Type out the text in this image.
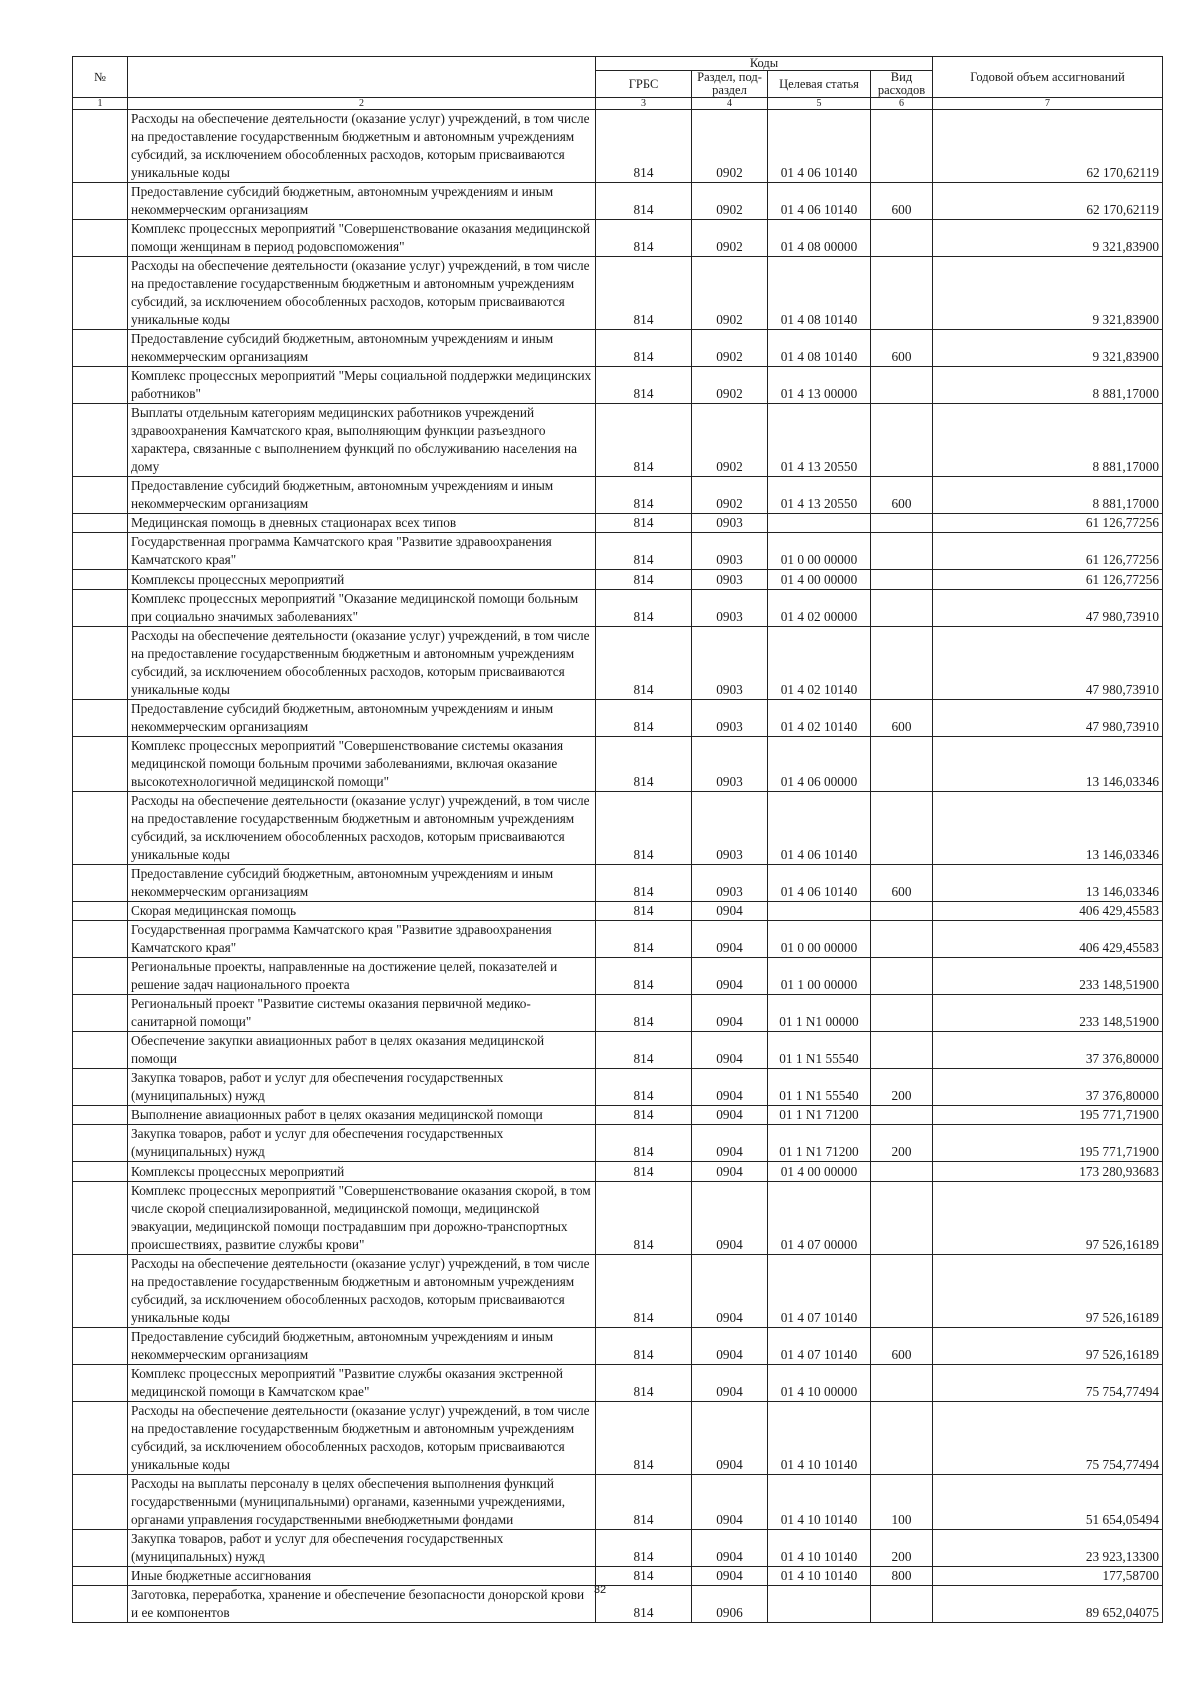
№		Коды				Годовой объем ассигнований
		ГРБС	Раздел, под-раздел	Целевая статья	Вид расходов	
1	2	3	4	5	6	7
	Расходы на обеспечение деятельности (оказание услуг) учреждений, в том числе на предоставление государственным бюджетным и автономным учреждениям субсидий, за исключением обособленных расходов, которым присваиваются уникальные коды	814	0902	01 4 06 10140		62 170,62119
	Предоставление субсидий бюджетным, автономным учреждениям и иным некоммерческим организациям	814	0902	01 4 06 10140	600	62 170,62119
	Комплекс процессных мероприятий "Совершенствование оказания медицинской помощи женщинам в период родовспоможения"	814	0902	01 4 08 00000		9 321,83900
	Расходы на обеспечение деятельности (оказание услуг) учреждений, в том числе на предоставление государственным бюджетным и автономным учреждениям субсидий, за исключением обособленных расходов, которым присваиваются уникальные коды	814	0902	01 4 08 10140		9 321,83900
	Предоставление субсидий бюджетным, автономным учреждениям и иным некоммерческим организациям	814	0902	01 4 08 10140	600	9 321,83900
	Комплекс процессных мероприятий "Меры социальной поддержки медицинских работников"	814	0902	01 4 13 00000		8 881,17000
	Выплаты отдельным категориям медицинских работников учреждений здравоохранения Камчатского края, выполняющим функции разъездного характера, связанные с выполнением функций по обслуживанию населения на дому	814	0902	01 4 13 20550		8 881,17000
	Предоставление субсидий бюджетным, автономным учреждениям и иным некоммерческим организациям	814	0902	01 4 13 20550	600	8 881,17000
	Медицинская помощь в дневных стационарах всех типов	814	0903			61 126,77256
	Государственная программа Камчатского края "Развитие здравоохранения Камчатского края"	814	0903	01 0 00 00000		61 126,77256
	Комплексы процессных мероприятий	814	0903	01 4 00 00000		61 126,77256
	Комплекс процессных мероприятий "Оказание медицинской помощи больным при социально значимых заболеваниях"	814	0903	01 4 02 00000		47 980,73910
	Расходы на обеспечение деятельности (оказание услуг) учреждений, в том числе на предоставление государственным бюджетным и автономным учреждениям субсидий, за исключением обособленных расходов, которым присваиваются уникальные коды	814	0903	01 4 02 10140		47 980,73910
	Предоставление субсидий бюджетным, автономным учреждениям и иным некоммерческим организациям	814	0903	01 4 02 10140	600	47 980,73910
	Комплекс процессных мероприятий "Совершенствование системы оказания медицинской помощи больным прочими заболеваниями, включая оказание высокотехнологичной медицинской помощи"	814	0903	01 4 06 00000		13 146,03346
	Расходы на обеспечение деятельности (оказание услуг) учреждений, в том числе на предоставление государственным бюджетным и автономным учреждениям субсидий, за исключением обособленных расходов, которым присваиваются уникальные коды	814	0903	01 4 06 10140		13 146,03346
	Предоставление субсидий бюджетным, автономным учреждениям и иным некоммерческим организациям	814	0903	01 4 06 10140	600	13 146,03346
	Скорая медицинская помощь	814	0904			406 429,45583
	Государственная программа Камчатского края "Развитие здравоохранения Камчатского края"	814	0904	01 0 00 00000		406 429,45583
	Региональные проекты, направленные на достижение целей, показателей и решение задач национального проекта	814	0904	01 1 00 00000		233 148,51900
	Региональный проект "Развитие системы оказания первичной медико-санитарной помощи"	814	0904	01 1 N1 00000		233 148,51900
	Обеспечение закупки авиационных работ в целях оказания медицинской помощи	814	0904	01 1 N1 55540		37 376,80000
	Закупка товаров, работ и услуг для обеспечения государственных (муниципальных) нужд	814	0904	01 1 N1 55540	200	37 376,80000
	Выполнение авиационных работ в целях оказания медицинской помощи	814	0904	01 1 N1 71200		195 771,71900
	Закупка товаров, работ и услуг для обеспечения государственных (муниципальных) нужд	814	0904	01 1 N1 71200	200	195 771,71900
	Комплексы процессных мероприятий	814	0904	01 4 00 00000		173 280,93683
	Комплекс процессных мероприятий "Совершенствование оказания скорой, в том числе скорой специализированной, медицинской помощи, медицинской эвакуации, медицинской помощи пострадавшим при дорожно-транспортных происшествиях, развитие службы крови"	814	0904	01 4 07 00000		97 526,16189
	Расходы на обеспечение деятельности (оказание услуг) учреждений, в том числе на предоставление государственным бюджетным и автономным учреждениям субсидий, за исключением обособленных расходов, которым присваиваются уникальные коды	814	0904	01 4 07 10140		97 526,16189
	Предоставление субсидий бюджетным, автономным учреждениям и иным некоммерческим организациям	814	0904	01 4 07 10140	600	97 526,16189
	Комплекс процессных мероприятий "Развитие службы оказания экстренной медицинской помощи в Камчатском крае"	814	0904	01 4 10 00000		75 754,77494
	Расходы на обеспечение деятельности (оказание услуг) учреждений, в том числе на предоставление государственным бюджетным и автономным учреждениям субсидий, за исключением обособленных расходов, которым присваиваются уникальные коды	814	0904	01 4 10 10140		75 754,77494
	Расходы на выплаты персоналу в целях обеспечения выполнения функций государственными (муниципальными) органами, казенными учреждениями, органами управления государственными внебюджетными фондами	814	0904	01 4 10 10140	100	51 654,05494
	Закупка товаров, работ и услуг для обеспечения государственных (муниципальных) нужд	814	0904	01 4 10 10140	200	23 923,13300
	Иные бюджетные ассигнования	814	0904	01 4 10 10140	800	177,58700
	Заготовка, переработка, хранение и обеспечение безопасности донорской крови и ее компонентов	814	0906			89 652,04075
32
